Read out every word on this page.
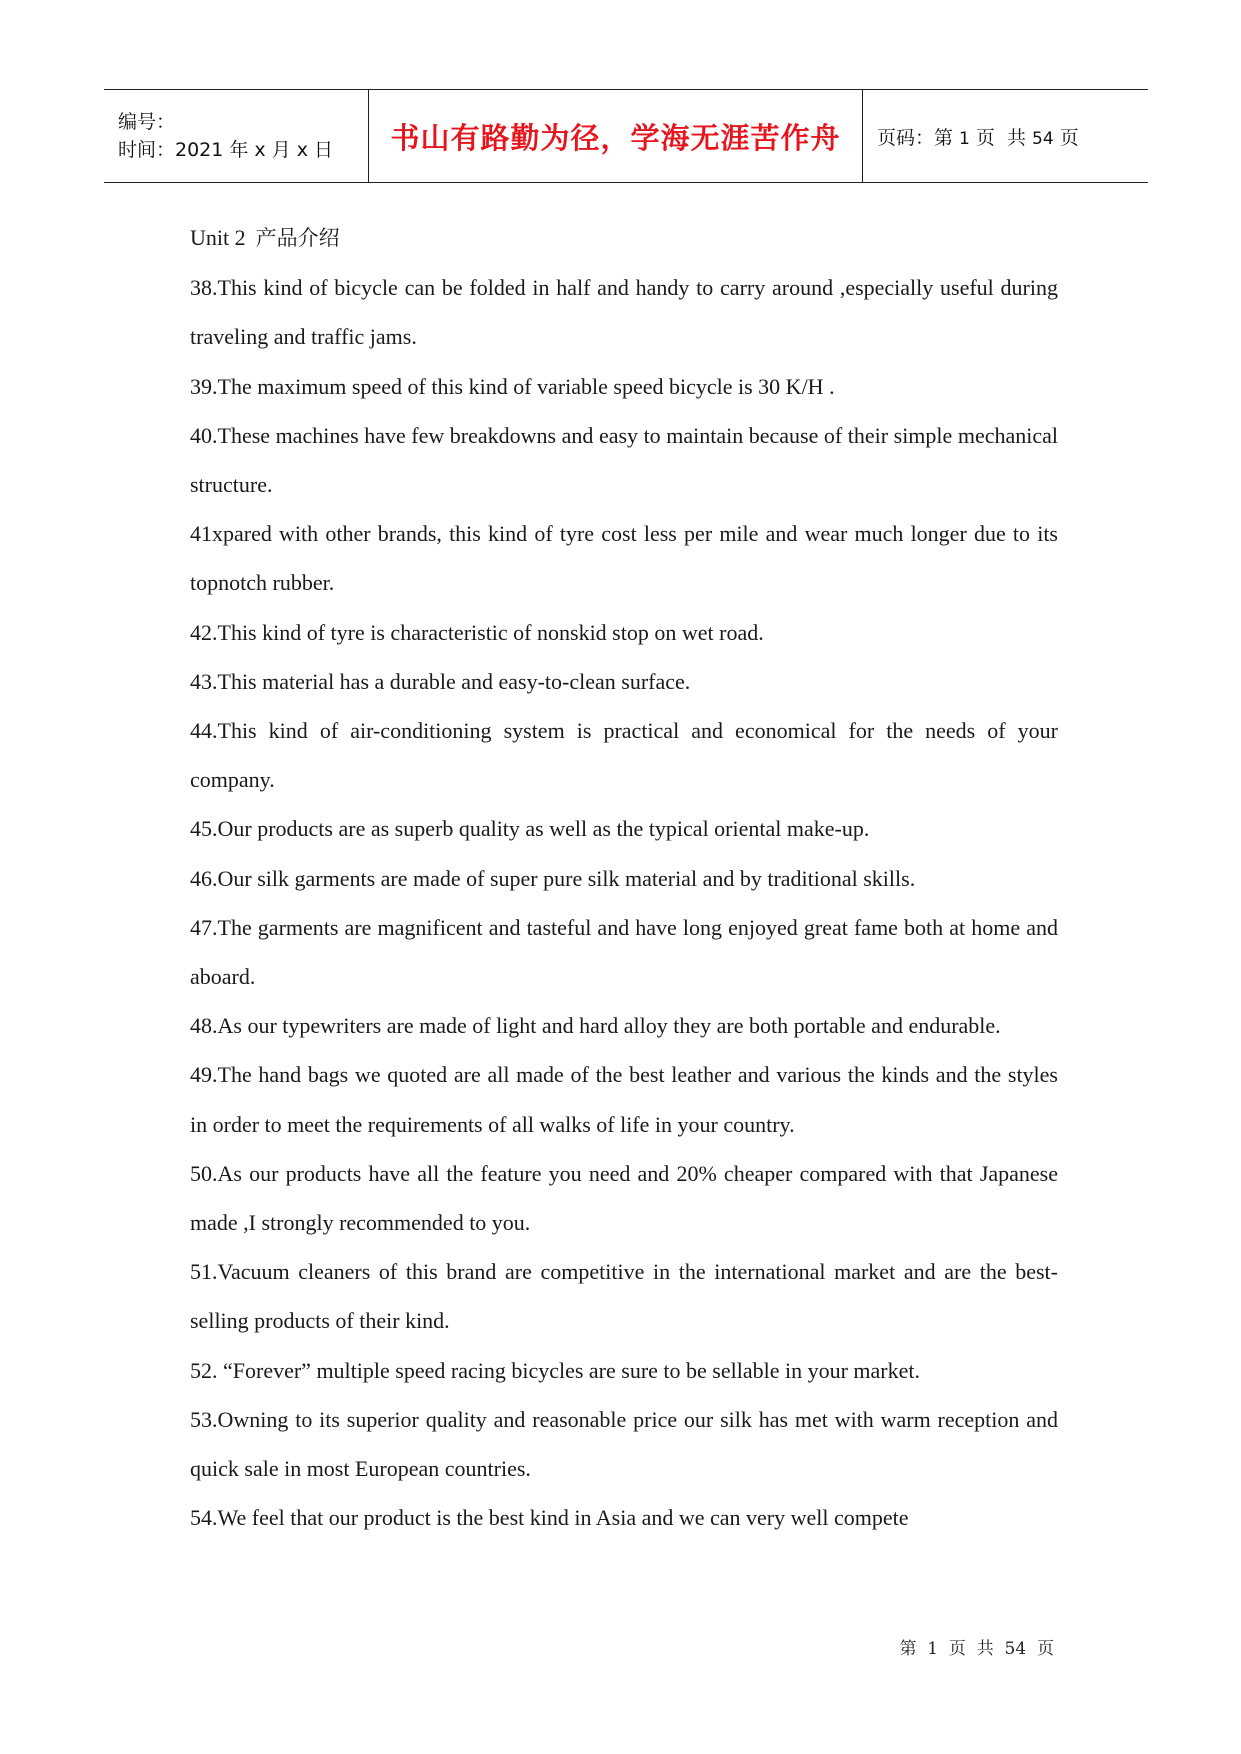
编号：
时间：2021 年 x 月 x 日	书山有路勤为径，学海无涯苦作舟 页码：第 1 页  共 54 页

Unit 2 产品介绍

38.This kind of bicycle can be folded in half and handy to carry around ,especially useful during traveling and traffic jams.

39.The maximum speed of this kind of variable speed bicycle is 30 K/H .

40.These machines have few breakdowns and easy to maintain because of their simple mechanical structure.

41xpared with other brands, this kind of tyre cost less per mile and wear much longer due to its topnotch rubber.

42.This kind of tyre is characteristic of nonskid stop on wet road.

43.This material has a durable and easy-to-clean surface.

44.This kind of air-conditioning system is practical and economical for the needs of your company.

45.Our products are as superb quality as well as the typical oriental make-up.

46.Our silk garments are made of super pure silk material and by traditional skills.

47.The garments are magnificent and tasteful and have long enjoyed great fame both at home and aboard.

48.As our typewriters are made of light and hard alloy they are both portable and endurable.

49.The hand bags we quoted are all made of the best leather and various the kinds and the styles in order to meet the requirements of all walks of life in your country.

50.As our products have all the feature you need and 20% cheaper compared with that Japanese made ,I strongly recommended to you.

51.Vacuum cleaners of this brand are competitive in the international market and are the best- selling products of their kind.

52. “Forever” multiple speed racing bicycles are sure to be sellable in your market.

53.Owning to its superior quality and reasonable price our silk has met with warm reception and quick sale in most European countries.

54.We feel that our product is the best kind in Asia and we can very well compete

第  1  页  共  54  页
